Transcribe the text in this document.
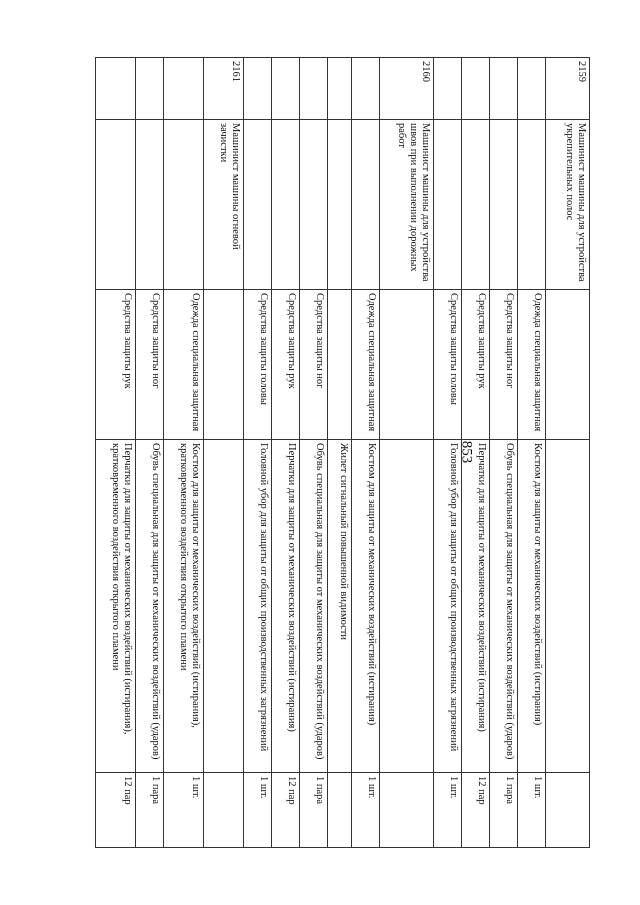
853
2159	Машинист машины для устройства укрепительных полос			
		Одежда специальная защитная	Костюм для защиты от механических воздействий (истирания)	1 шт.
		Средства защиты ног	Обувь специальная для защиты от механических воздействий (ударов)	1 пара
		Средства защиты рук	Перчатки для защиты от механических воздействий (истирания)	12 пар
		Средства защиты головы	Головной убор для защиты от общих производственных загрязнений	1 шт.
2160	Машинист машины для устройства швов при выполнении дорожных работ			
		Одежда специальная защитная	Костюм для защиты от механических воздействий (истирания)	1 шт.
			Жилет сигнальный повышенной видимости	
		Средства защиты ног	Обувь специальная для защиты от механических воздействий (ударов)	1 пара
		Средства защиты рук	Перчатки для защиты от механических воздействий (истирания)	12 пар
		Средства защиты головы	Головной убор для защиты от общих производственных загрязнений	1 шт.
2161	Машинист машины огневой зачистки			
		Одежда специальная защитная	Костюм для защиты от механических воздействий (истирания), кратковременного воздействия открытого пламени	1 шт.
		Средства защиты ног	Обувь специальная для защиты от механических воздействий (ударов)	1 пара
		Средства защиты рук	Перчатки для защиты от механических воздействий (истирания), кратковременного воздействия открытого пламени	12 пар
